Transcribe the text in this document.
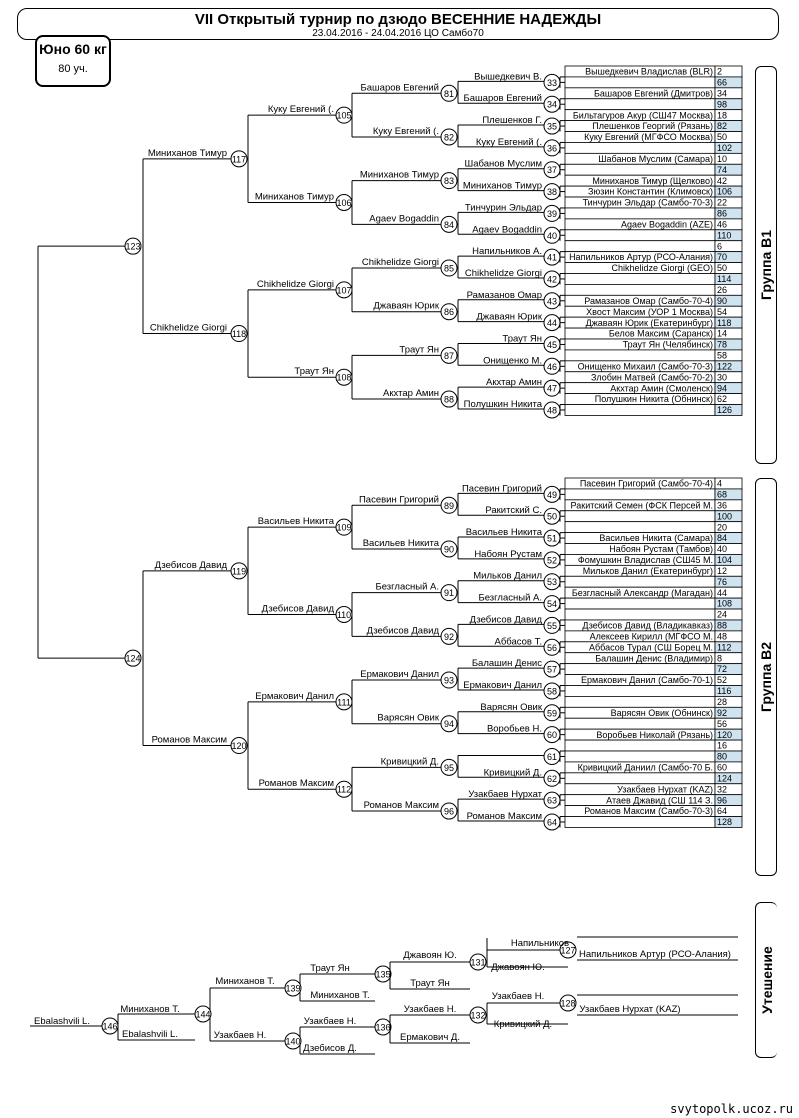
VII Открытый турнир по дзюдо ВЕСЕННИЕ НАДЕЖДЫ
23.04.2016 - 24.04.2016 ЦО Самбо70
Юно 60 кг
80 уч.
Группа В1
Группа В2
Утешение
Вышедкевич Владислав (BLR) 2
66
Башаров Евгений (Дмитров) 34
98
Бильтагуров Акур (СШ47 Москва) 18
Плешенков Георгий (Рязань) 82
Куку Евгений (МГФСО Москва) 50
102
Шабанов Муслим (Самара) 10
74
Миниханов Тимур (Щелково) 42
Зюзин Константин (Климовск) 106
Тинчурин Эльдар (Самбо-70-3) 22
86
Agaev Bogaddin (AZE) 46
110
6
Напильников Артур (РСО-Алания) 70
Chikhelidze Giorgi (GEO) 50
114
26
Рамазанов Омар (Самбо-70-4) 90
Хвост Максим (УОР 1 Москва) 54
Джаваян Юрик (Екатеринбург) 118
Белов Максим (Саранск) 14
Траут Ян (Челябинск) 78
58
Онищенко Михаил (Самбо-70-3) 122
Злобин Матвей (Самбо-70-2) 30
Акхтар Амин (Смоленск) 94
Полушкин Никита (Обнинск) 62
126
Пасевин Григорий (Самбо-70-4) 4
68
Ракитский Семен (ФСК Персей М. 36
100
20
Васильев Никита (Самара) 84
Набоян Рустам (Тамбов) 40
Фомушкин Владислав (СШ45 М. 104
Мильков Данил (Екатеринбург) 12
76
Безгласный Александр (Магадан) 44
108
24
Дзебисов Давид (Владикавказ) 88
Алексеев Кирилл (МГФСО М. 48
Аббасов Турал (СШ Борец М. 112
Балашин Денис (Владимир) 8
72
Ермакович Данил (Самбо-70-1) 52
116
28
Варясян Овик (Обнинск) 92
56
Воробьев Николай (Рязань) 120
16
80
Кривицкий Даниил (Самбо-70 Б. 60
124
Узакбаев Нурхат (KAZ) 32
Атаев Джавид (СШ 114 З. 96
Романов Максим (Самбо-70-3) 64
128
33
Вышедкевич В.
34
Башаров Евгений
35
Плешенков Г.
36
Куку Евгений (.
37
Шабанов Муслим
38
Миниханов Тимур
39
Тинчурин Эльдар
40
Agaev Bogaddin
41
Напильников А.
42
Chikhelidze Giorgi
43
Рамазанов Омар
44
Джаваян Юрик
45
Траут Ян
46
Онищенко М.
47
Акхтар Амин
48
Полушкин Никита
49
Пасевин Григорий
50
Ракитский С.
51
Васильев Никита
52
Набоян Рустам
53
Мильков Данил
54
Безгласный А.
55
Дзебисов Давид
56
Аббасов Т.
57
Балашин Денис
58
Ермакович Данил
59
Варясян Овик
60
Воробьев Н.
61
62
Кривицкий Д.
63
Узакбаев Нурхат
64
Романов Максим
81
Башаров Евгений
82
Куку Евгений (.
83
Миниханов Тимур
84
Agaev Bogaddin
85
Chikhelidze Giorgi
86
Джаваян Юрик
87
Траут Ян
88
Акхтар Амин
89
Пасевин Григорий
90
Васильев Никита
91
Безгласный А.
92
Дзебисов Давид
93
Ермакович Данил
94
Варясян Овик
95
Кривицкий Д.
96
Романов Максим
105
Куку Евгений (.
106
Миниханов Тимур
107
Chikhelidze Giorgi
108
Траут Ян
109
Васильев Никита
110
Дзебисов Давид
111
Ермакович Данил
112
Романов Максим
117
Миниханов Тимур
118
Chikhelidze Giorgi
119
Дзебисов Давид
120
Романов Максим
123
124
127
Напильников
Джавоян Ю.
Напильников Артур (РСО-Алания)
128
Узакбаев Н.
Кривицкий Д.
Узакбаев Нурхат (KAZ)
131
Джавоян Ю.
Траут Ян
132
Узакбаев Н.
Ермакович Д.
135
Траут Ян
Миниханов Т.
136
Узакбаев Н.
Дзебисов Д.
139
Миниханов Т.
140
Узакбаев Н.
144
Миниханов Т.
Ebalashvili L.
146
Ebalashvili L.
svytopolk.ucoz.ru
